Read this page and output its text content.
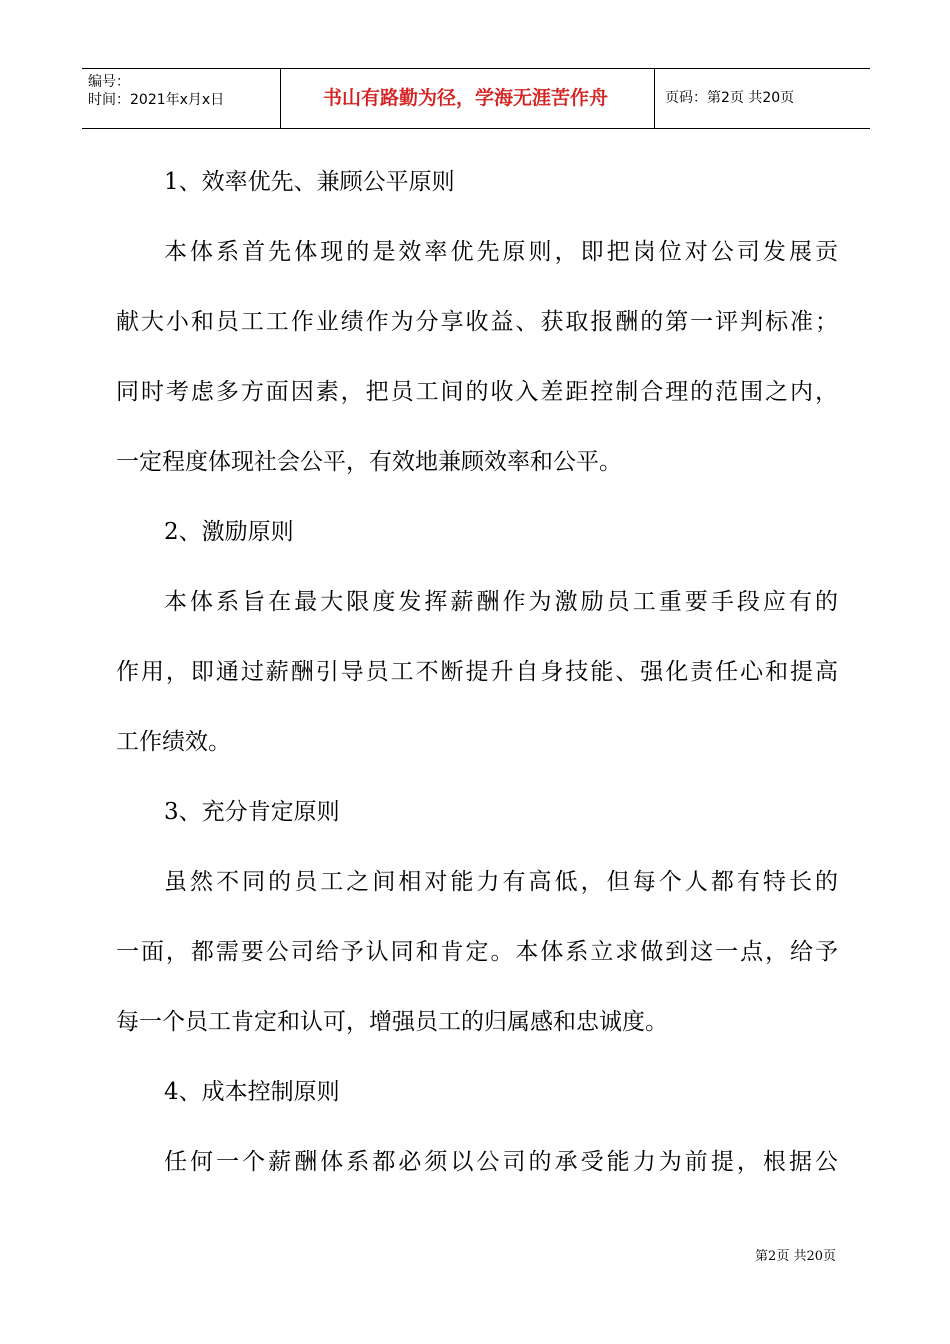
编号：
时间：2021年x月x日	书山有路勤为径，学海无涯苦作舟	页码：第2页 共20页
1、效率优先、兼顾公平原则
本体系首先体现的是效率优先原则，即把岗位对公司发展贡
献大小和员工工作业绩作为分享收益、获取报酬的第一评判标准；
同时考虑多方面因素，把员工间的收入差距控制合理的范围之内，
一定程度体现社会公平，有效地兼顾效率和公平。
2、激励原则
本体系旨在最大限度发挥薪酬作为激励员工重要手段应有的
作用，即通过薪酬引导员工不断提升自身技能、强化责任心和提高
工作绩效。
3、充分肯定原则
虽然不同的员工之间相对能力有高低，但每个人都有特长的
一面，都需要公司给予认同和肯定。本体系立求做到这一点，给予
每一个员工肯定和认可，增强员工的归属感和忠诚度。
4、成本控制原则
任何一个薪酬体系都必须以公司的承受能力为前提，根据公
第2页 共20页
